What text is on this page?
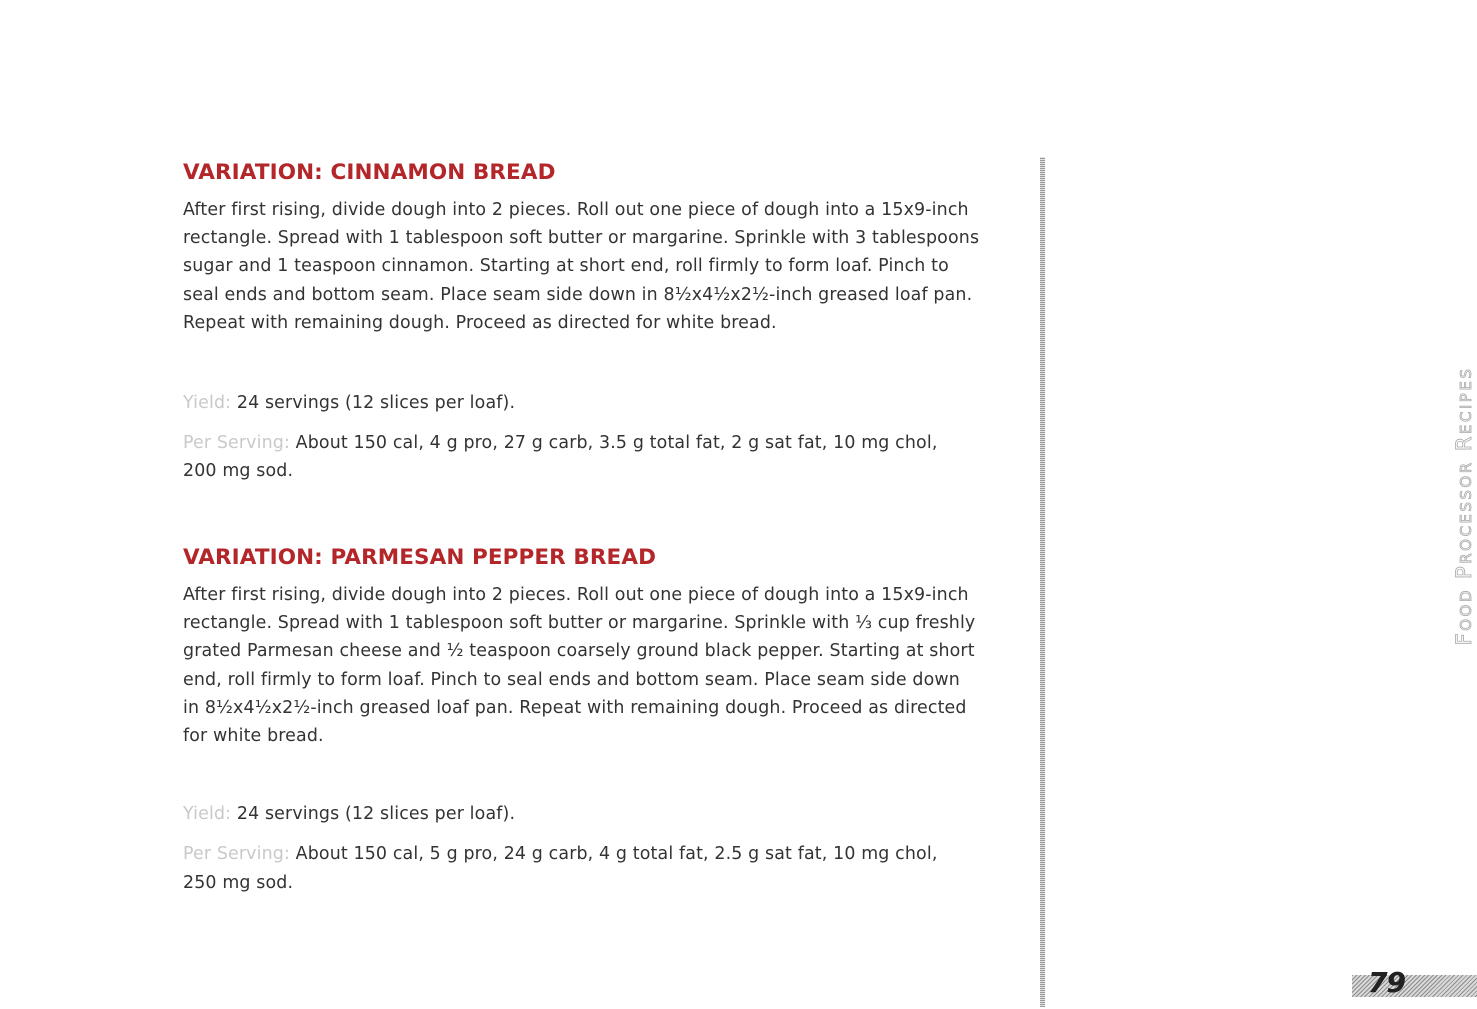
VARIATION: CINNAMON BREAD

After first rising, divide dough into 2 pieces. Roll out one piece of dough into a 15x9-inch
rectangle. Spread with 1 tablespoon soft butter or margarine. Sprinkle with 3 tablespoons
sugar and 1 teaspoon cinnamon. Starting at short end, roll firmly to form loaf. Pinch to
seal ends and bottom seam. Place seam side down in 8½x4½x2½-inch greased loaf pan.
Repeat with remaining dough. Proceed as directed for white bread.

Yield: 24 servings (12 slices per loaf).

Per Serving: About 150 cal, 4 g pro, 27 g carb, 3.5 g total fat, 2 g sat fat, 10 mg chol,
200 mg sod.

VARIATION: PARMESAN PEPPER BREAD

After first rising, divide dough into 2 pieces. Roll out one piece of dough into a 15x9-inch
rectangle. Spread with 1 tablespoon soft butter or margarine. Sprinkle with ⅓ cup freshly
grated Parmesan cheese and ½ teaspoon coarsely ground black pepper. Starting at short
end, roll firmly to form loaf. Pinch to seal ends and bottom seam. Place seam side down
in 8½x4½x2½-inch greased loaf pan. Repeat with remaining dough. Proceed as directed
for white bread.

Yield: 24 servings (12 slices per loaf).

Per Serving: About 150 cal, 5 g pro, 24 g carb, 4 g total fat, 2.5 g sat fat, 10 mg chol,
250 mg sod.

Food Processor Recipes
79
